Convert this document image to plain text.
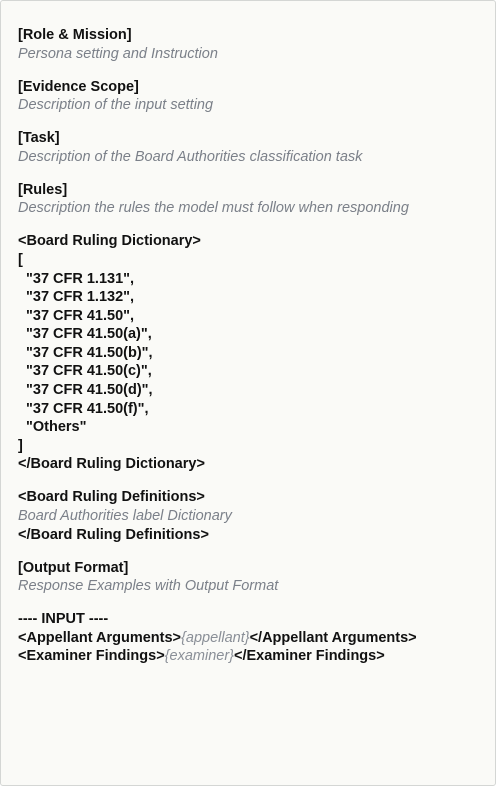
[Role & Mission]
Persona setting and Instruction
[Evidence Scope]
Description of the input setting
[Task]
Description of the Board Authorities classification task
[Rules]
Description the rules the model must follow when responding
<Board Ruling Dictionary>
[
"37 CFR 1.131",
"37 CFR 1.132",
"37 CFR 41.50",
"37 CFR 41.50(a)",
"37 CFR 41.50(b)",
"37 CFR 41.50(c)",
"37 CFR 41.50(d)",
"37 CFR 41.50(f)",
"Others"
]
</Board Ruling Dictionary>
<Board Ruling Definitions>
Board Authorities label Dictionary
</Board Ruling Definitions>
[Output Format]
Response Examples with Output Format
---- INPUT ----
<Appellant Arguments>{appellant}</Appellant Arguments>
<Examiner Findings>{examiner}</Examiner Findings>
